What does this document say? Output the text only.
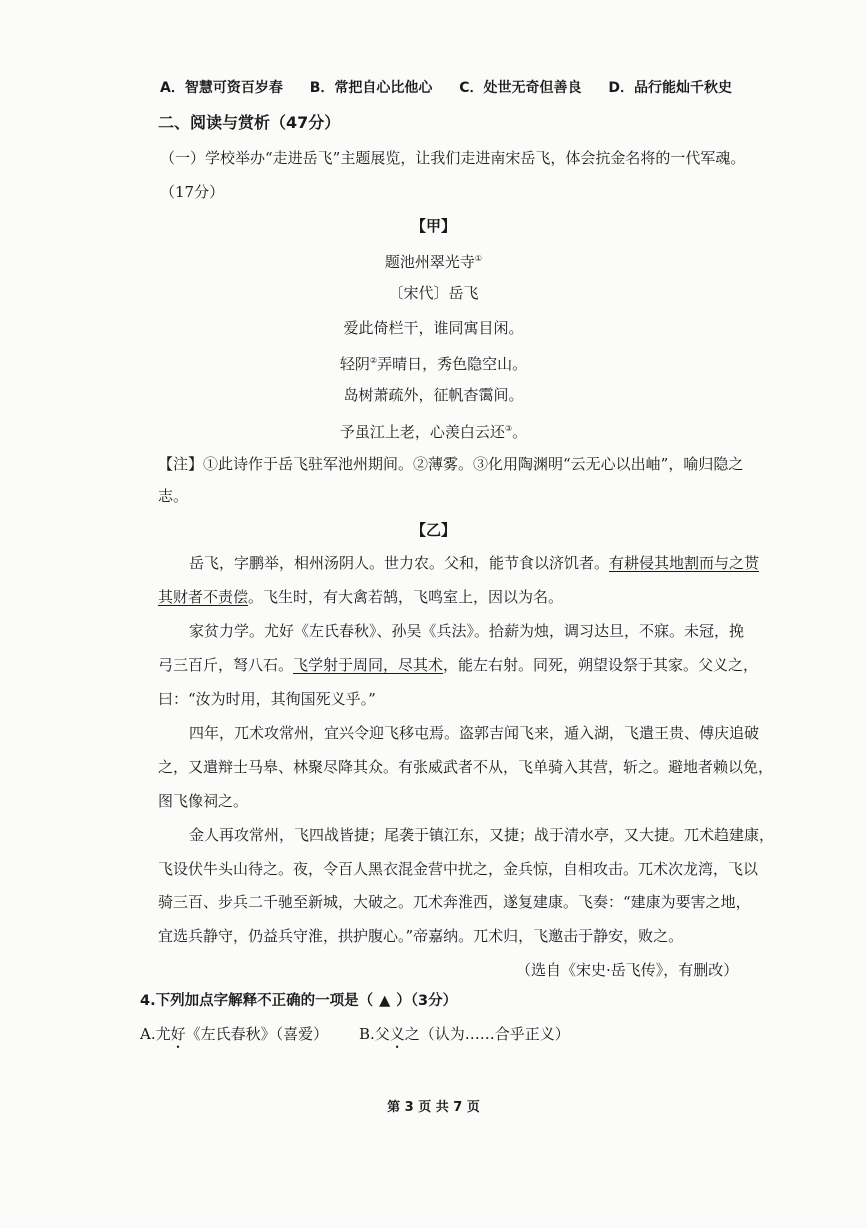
A．智慧可资百岁春 B．常把自心比他心 C．处世无奇但善良 D．品行能灿千秋史
二、阅读与赏析（47分）
（一）学校举办“走进岳飞”主题展览，让我们走进南宋岳飞，体会抗金名将的一代军魂。
（17分）
【甲】
题池州翠光寺①
〔宋代〕岳飞
爱此倚栏干，谁同寓目闲。
轻阴②弄晴日，秀色隐空山。
岛树萧疏外，征帆杳霭间。
予虽江上老，心羡白云还③。
【注】①此诗作于岳飞驻军池州期间。②薄雾。③化用陶渊明“云无心以出岫”，喻归隐之
志。
【乙】
岳飞，字鹏举，相州汤阴人。世力农。父和，能节食以济饥者。有耕侵其地割而与之贳
其财者不责偿。飞生时，有大禽若鹄，飞鸣室上，因以为名。
家贫力学。尤好《左氏春秋》、孙吴《兵法》。拾薪为烛，调习达旦，不寐。未冠，挽
弓三百斤，弩八石。飞学射于周同，尽其术，能左右射。同死，朔望设祭于其家。父义之，
曰：“汝为时用，其徇国死义乎。”
四年，兀术攻常州，宜兴令迎飞移屯焉。盗郭吉闻飞来，遁入湖，飞遣王贵、傅庆追破
之，又遣辩士马皋、林聚尽降其众。有张威武者不从，飞单骑入其营，斩之。避地者赖以免，
图飞像祠之。
金人再攻常州，飞四战皆捷；尾袭于镇江东，又捷；战于清水亭，又大捷。兀术趋建康，
飞设伏牛头山待之。夜，令百人黑衣混金营中扰之，金兵惊，自相攻击。兀术次龙湾，飞以
骑三百、步兵二千驰至新城，大破之。兀术奔淮西，遂复建康。飞奏：“建康为要害之地，
宜选兵静守，仍益兵守淮，拱护腹心。”帝嘉纳。兀术归，飞邀击于静安，败之。
（选自《宋史·岳飞传》，有删改）
4.下列加点字解释不正确的一项是（ ▲ ）（3分）
A.尤好《左氏春秋》（喜爱） B.父义之（认为……合乎正义）
第 3 页 共 7 页
